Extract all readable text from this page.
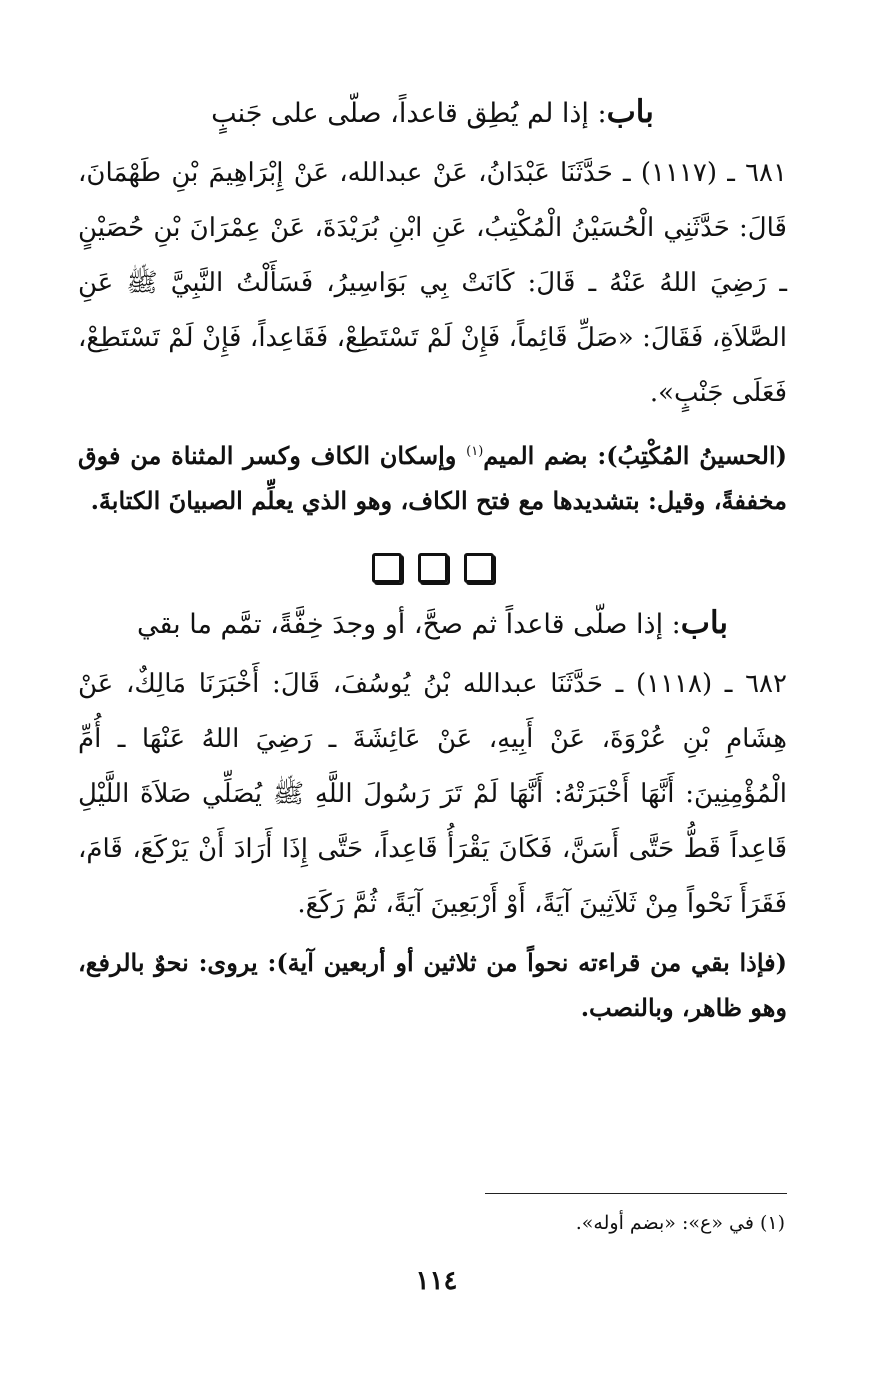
باب: إذا لم يُطِق قاعداً، صلّى على جَنبٍ

٦٨١ ـ (١١١٧) ـ حَدَّثَنَا عَبْدَانُ، عَنْ عبدالله، عَنْ إِبْرَاهِيمَ بْنِ طَهْمَانَ، قَالَ: حَدَّثَنِي الْحُسَيْنُ الْمُكْتِبُ، عَنِ ابْنِ بُرَيْدَةَ، عَنْ عِمْرَانَ بْنِ حُصَيْنٍ ـ رَضِيَ اللهُ عَنْهُ ـ قَالَ: كَانَتْ بِي بَوَاسِيرُ، فَسَأَلْتُ النَّبِيَّ ﷺ عَنِ الصَّلاَةِ، فَقَالَ: «صَلِّ قَائِماً، فَإِنْ لَمْ تَسْتَطِعْ، فَقَاعِداً، فَإِنْ لَمْ تَسْتَطِعْ، فَعَلَى جَنْبٍ».

(الحسينُ المُكْتِبُ): بضم الميم$^{(١)}$ وإسكان الكاف وكسر المثناة من فوق مخففةً، وقيل: بتشديدها مع فتح الكاف، وهو الذي يعلِّم الصبيانَ الكتابةَ.

باب: إذا صلّى قاعداً ثم صحَّ، أو وجدَ خِفَّةً، تمَّم ما بقي

٦٨٢ ـ (١١١٨) ـ حَدَّثَنَا عبدالله بْنُ يُوسُفَ، قَالَ: أَخْبَرَنَا مَالِكٌ، عَنْ هِشَامِ بْنِ عُرْوَةَ، عَنْ أَبِيهِ، عَنْ عَائِشَةَ ـ رَضِيَ اللهُ عَنْهَا ـ أُمِّ الْمُؤْمِنِينَ: أَنَّهَا أَخْبَرَتْهُ: أَنَّهَا لَمْ تَرَ رَسُولَ اللَّهِ ﷺ يُصَلِّي صَلاَةَ اللَّيْلِ قَاعِداً قَطُّ حَتَّى أَسَنَّ، فَكَانَ يَقْرَأُ قَاعِداً، حَتَّى إِذَا أَرَادَ أَنْ يَرْكَعَ، قَامَ، فَقَرَأَ نَحْواً مِنْ ثَلاَثِينَ آيَةً، أَوْ أَرْبَعِينَ آيَةً، ثُمَّ رَكَعَ.

(فإذا بقي من قراءته نحواً من ثلاثين أو أربعين آية): يروى: نحوٌ بالرفع، وهو ظاهر، وبالنصب.

(١) في «ع»: «بضم أوله».
١١٤
